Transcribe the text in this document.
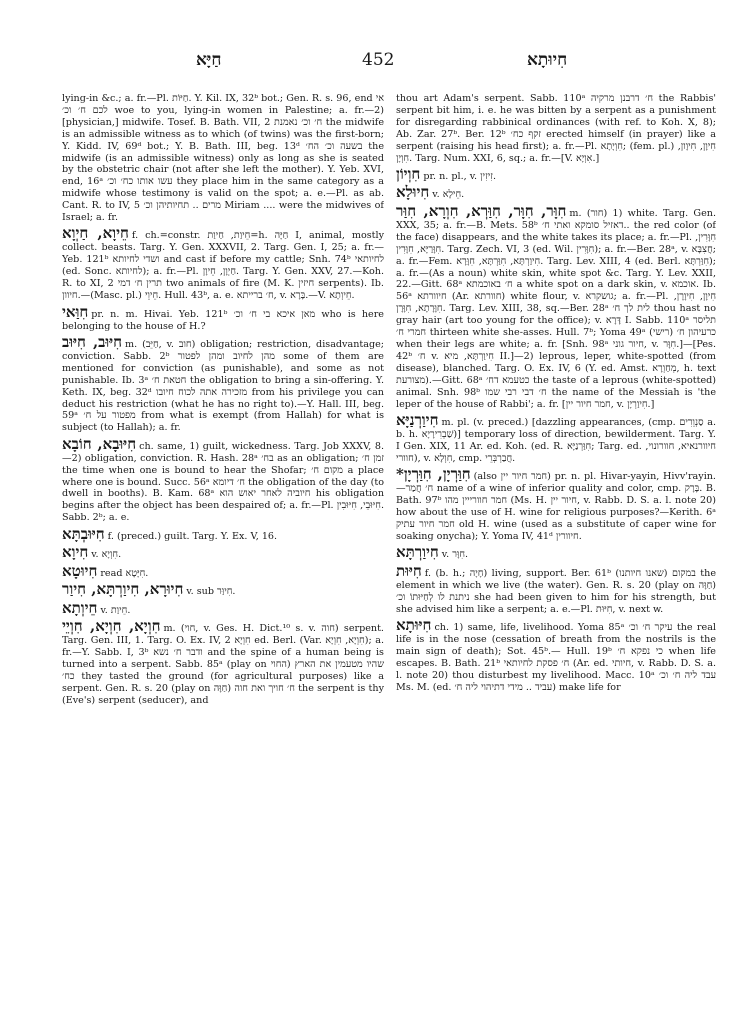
חַיָּא	452	חִיוּתָא

lying-in &c.; a. fr.—Pl. חַיּוֹת. Y. Kil. IX, 32ᵇ bot.; Gen. R. s. 96, end אי לכם ח׳ וכ׳ woe to you, lying-in women in Palestine; a. fr.—2) [physician,] midwife. Tosef. B. Bath. VII, 2 ח׳ וכ׳ נאמנת the midwife is an admissible witness as to which (of twins) was the first-born; Y. Kidd. IV, 69ᵈ bot.; Y. B. Bath. III, beg. 13ᵈ בשעה וכ׳ הח׳ the midwife (is an admissible witness) only as long as she is seated by the obstetric chair (not after she left the mother). Y. Yeb. XVI, end, 16ᵃ עשו אותו כח׳ וכ׳ they place him in the same category as a midwife whose testimony is valid on the spot; a. e.—Pl. as ab. Cant. R. to IV, 5 מרים .. תחיותיהן וכ׳ Miriam .... were the midwives of Israel; a. fr.

חֵיוָא, חַיְוָא f. ch.=constr. חֵיוַת, חַיוַת=h. חַיָּה I, animal, mostly collect. beasts. Targ. Y. Gen. XXXVII, 2. Targ. Gen. I, 25; a. fr.—Yeb. 121ᵇ ושדי לחיותא and cast if before my cattle; Snh. 74ᵇ לחיותאי (ed. Sonc. לחיותא); a. fr.—Pl. חַיְוָן, חֵיוָן. Targ. Y. Gen. XXV, 27.—Koh. R. to XI, 2 תרין ח׳ דמי two animals of fire (M. K. חיזין serpents). Ib. חיוון.—(Masc. pl.) חֵיוֵי. Hull. 43ᵇ, a. e. ח׳ ברייתא, v. בָּרָא.—V. חֵיוְתָא.

חִוַּאי pr. n. m. Hivai. Yeb. 121ᵇ מאן איכא בי ח׳ וכ׳ who is here belonging to the house of H.?

חִיּוּב, חִיּוּב m. (חַיֵּב, v. חוב) obligation; restriction, disadvantage; conviction. Sabb. 2ᵇ מהן לחיוב ומהן לפטור some of them are mentioned for conviction (as punishable), and some as not punishable. Ib. 3ᵃ חטאת ח׳ the obligation to bring a sin-offering. Y. Keth. IX, beg. 32ᵈ מזכירה אתה לכוח חיובו from his privilege you can deduct his restriction (what he has no right to).—Y. Hall. III, beg. 59ᵃ מפטור על ח׳ from what is exempt (from Hallah) for what is subject (to Hallah); a. fr.

חִיּוּבָא, חוֹבָא ch. same, 1) guilt, wickedness. Targ. Job XXXV, 8.—2) obligation, conviction. R. Hash. 28ᵃ בח׳ as an obligation; זמן ח׳ the time when one is bound to hear the Shofar; מקום ח׳ a place where one is bound. Succ. 56ᵃ ח׳ דיומא the obligation of the day (to dwell in booths). B. Kam. 68ᵃ חיוביה לאחר יאוש הוא his obligation begins after the object has been despaired of; a. fr.—Pl. חִיּוּבֵי, חִיּוּבִין. Sabb. 2ᵇ; a. e.

חִיּוּבְתָּא f. (preced.) guilt. Targ. Y. Ex. V, 16.

חִיוָא v. חִוְיָא.

חִיוּטָא read חִיָּטָא.

חִיוּרָא, חִיוַרְתָּא, חִיוַר v. sub חִיוַּר.

חֵיוְתָא v. חֵיוַת.

חִוְיָא, חִוְיָא, חִוְיֵי m. (חוי, v. Ges. H. Dict.¹⁰ s. v. חוה) serpent. Targ. Gen. III, 1. Targ. O. Ex. IV, 2 חִוְיָא ed. Berl. (Var. חִוְיָא, חִוְיָא); a. fr.—Y. Sabb. I, 3ᵇ ודבר ח׳ נשא and the spine of a human being is turned into a serpent. Sabb. 85ᵃ (play on החוי) שהיו מטעמין את הארץ כח׳ they tasted the ground (for agricultural purposes) like a serpent. Gen. R. s. 20 (play on חַוָּה) ח׳ חויך ואת חוה the serpent is thy (Eve's) serpent (seducer), and

thou art Adam's serpent. Sabb. 110ᵃ ח׳ דרבנן מרקיה the Rabbis' serpent bit him, i. e. he was bitten by a serpent as a punishment for disregarding rabbinical ordinances (with ref. to Koh. X, 8); Ab. Zar. 27ᵇ. Ber. 12ᵇ זקף כח׳ erected himself (in prayer) like a serpent (raising his head first); a. fr.—Pl. חִוְיָתָא; (fem. pl.) חִיוָן, חִיוָון, חִוְיָן. Targ. Num. XXI, 6, sq.; a. fr.—[V. אִוְיָא.]

חִוְיוֹן pr. n. pl., v. זִיזִין.

חִיוּלָא v. חֵילָא.

חִוָּר, חִוָּר, חִוַּרְא, חִוְרָא, חִוַּר m. (חור) 1) white. Targ. Gen. XXX, 35; a. fr.—B. Mets. 58ᵇ דאזיל סומקא ואתי ח׳.. the red color (of the face) disappears, and the white takes its place; a. fr.—Pl. חִוָּרִין, חִוָּרַיָּא, חִוָּרִין. Targ. Zech. VI, 3 (ed. Wil. חִוָּרִין); a. fr.—Ber. 28ᵃ, v. חֲצִבָּא; a. fr.—Fem. חִיוַרְתָּא, חִוַּרְתָּא, חִוָּרָא. Targ. Lev. XIII, 4 (ed. Berl. חִוַּרְתָּא); a. fr.—(As a noun) white skin, white spot &c. Targ. Y. Lev. XXII, 22.—Gitt. 68ᵃ ח׳ באוכמתא a white spot on a dark skin, v. אוכמא. Ib. 56ᵃ חיוורתא (Ar. חוורתא) white flour, v. גושקרא; a. fr.—Pl. חִיוָן, חִיוָרָן, חִוָּרָתָא, חִוָּרָן. Targ. Lev. XIII, 38, sq.—Ber. 28ᵃ לית לך ח׳ thou hast no gray hair (art too young for the office); v. דָּרָא I. Sabb. 110ᵃ תליסר חמרי ח׳ thirteen white she-asses. Hull. 7ᵇ; Yoma 49ᵃ (רישי) כרעיהון ח׳ when their legs are white; a. fr. [Snh. 98ᵃ חיור גוני, v. חִוָּר.]—[Pes. 42ᵇ ח׳ v. חִיוַרְתָּא, מיא II.]—2) leprous, leper, white-spotted (from disease), blanched. Targ. O. Ex. IV, 6 (Y. ed. Amst. מְחַוְרָא, h. text מצורעת).—Gitt. 68ᵃ כטעמא דח׳ the taste of a leprous (white-spotted) animal. Snh. 98ᵇ ח׳ דבי רבי שמו the name of the Messiah is 'the leper of the house of Rabbi'; a. fr. [חמר חיור יין, v. חִיוַרְיָן.]

חִיוַרְנַיָּא m. pl. (v. preced.) [dazzling appearances, (cmp. סַנְוֵרִים a. b. h. שַׁבְרִירָיָא)] temporary loss of direction, bewilderment. Targ. Y. I Gen. XIX, 11 Ar. ed. Koh. (ed. R. חִוַּרְנַיָּא; Targ. ed. חיוורנאיא, חוורונוי, חוורי), v. חִוְלָא, cmp. חֲבַרְבְּרֵי.

חִוַּרְיָן, חִוַּרְיָן* (also חמר חיור יין) pr. n. pl. Hivar-yayin, Hivv'rayin.—ח׳ חֲמַר name of a wine of inferior quality and color, cmp. בָּרָק. B. Bath. 97ᵇ חמר חוורייין מהו (Ms. H. חיור יין, v. Rabb. D. S. a. l. note 20) how about the use of H. wine for religious purposes?—Kerith. 6ᵃ חמר חיור עתיק old H. wine (used as a substitute of caper wine for soaking onycha); Y. Yoma IV, 41ᵈ חיוורין.

חִיוַרְתָּא v. חִוָּר.

חִיּוּת f. (b. h.; חָיָה) living, support. Ber. 61ᵇ במקום (שאנו חיותנו) the element in which we live (the water). Gen. R. s. 20 (play on חַוָּה) ניתנת לו לְחַיּוּתוֹ וכ׳ she had been given to him for his strength, but she advised him like a serpent; a. e.—Pl. חִיּוּת, v. next w.

חִיּוּתָא ch. 1) same, life, livelihood. Yoma 85ᵃ עיקר ח׳ וכ׳ the real life is in the nose (cessation of breath from the nostrils is the main sign of death); Sot. 45ᵇ.— Hull. 19ᵇ כי נפקא ח׳ when life escapes. B. Bath. 21ᵇ ח׳ פסקת לחיותאי (Ar. ed. חיותי, v. Rabb. D. S. a. l. note 20) thou disturbest my livelihood. Macc. 10ᵃ עבד ליה ח׳ וכ׳ Ms. M. (ed. עביד .. מידי דתיהוי ליה ח׳) make life for
